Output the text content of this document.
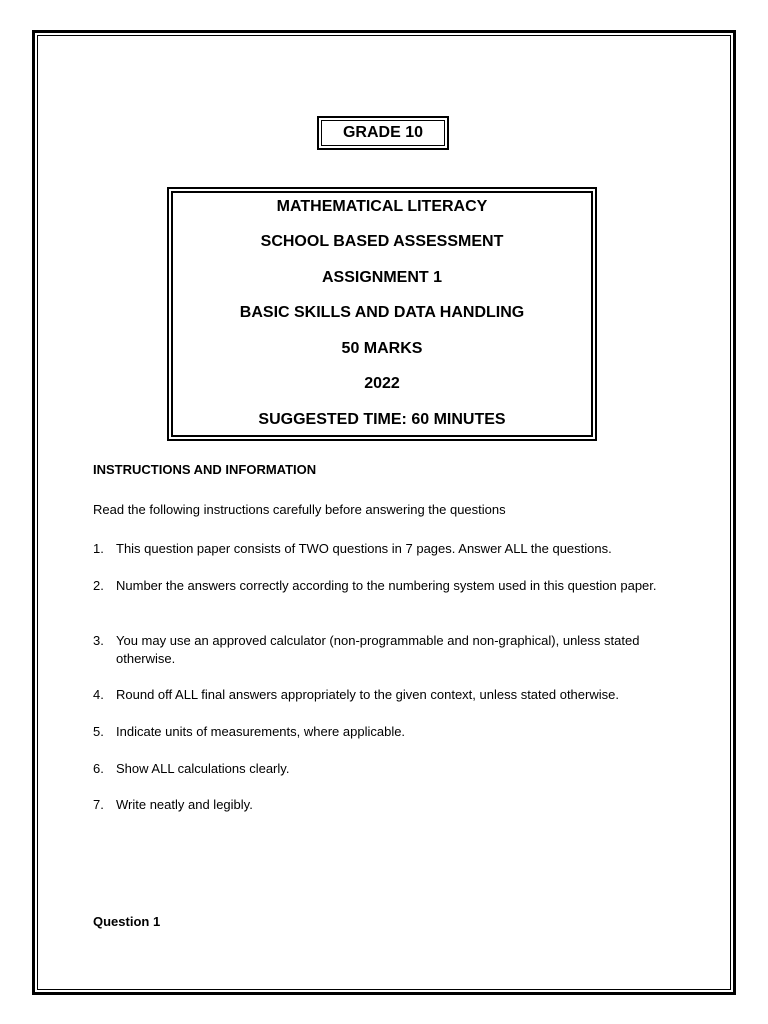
GRADE 10
MATHEMATICAL LITERACY
SCHOOL BASED ASSESSMENT
ASSIGNMENT 1
BASIC SKILLS AND DATA HANDLING
50 MARKS
2022
SUGGESTED TIME: 60 MINUTES
INSTRUCTIONS AND INFORMATION
Read the following instructions carefully before answering the questions
1. This question paper consists of TWO questions in 7 pages. Answer ALL the questions.
2. Number the answers correctly according to the numbering system used in this question paper.
3. You may use an approved calculator (non-programmable and non-graphical), unless stated otherwise.
4. Round off ALL final answers appropriately to the given context, unless stated otherwise.
5. Indicate units of measurements, where applicable.
6. Show ALL calculations clearly.
7. Write neatly and legibly.
Question 1
